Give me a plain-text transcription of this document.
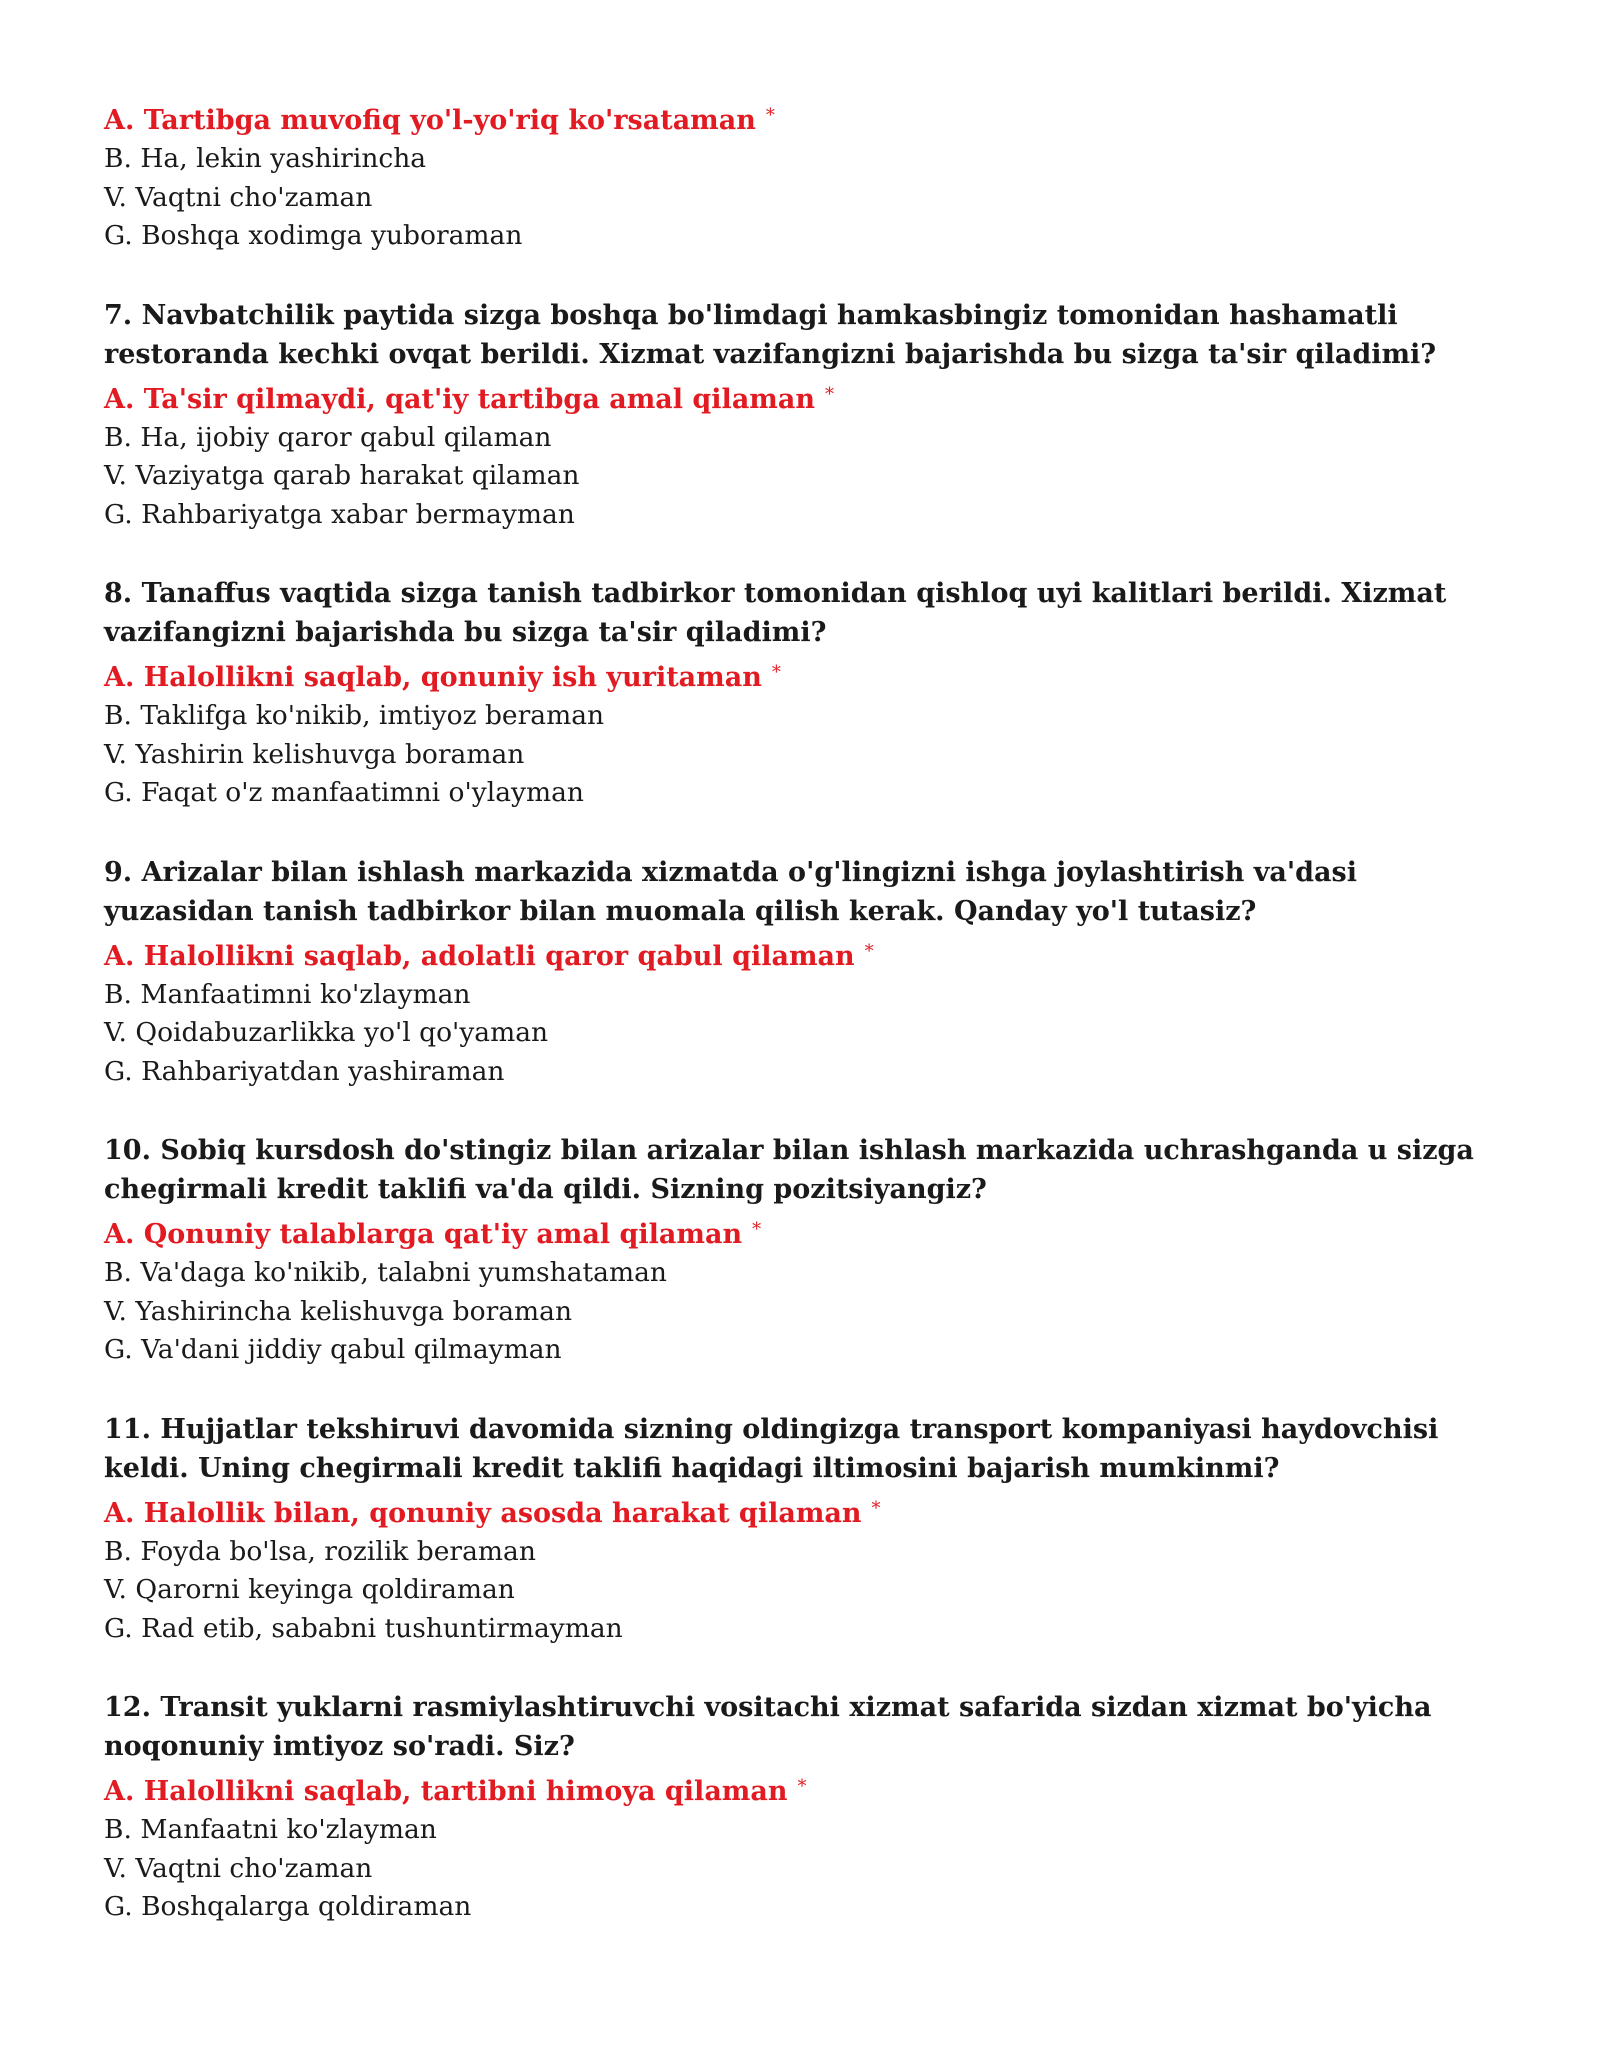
A. Tartibga muvofiq yo'l-yo'riq ko'rsataman *

B. Ha, lekin yashirincha

V. Vaqtni cho'zaman

G. Boshqa xodimga yuboraman

7. Navbatchilik paytida sizga boshqa bo'limdagi hamkasbingiz tomonidan hashamatli restoranda kechki ovqat berildi. Xizmat vazifangizni bajarishda bu sizga ta'sir qiladimi?

A. Ta'sir qilmaydi, qat'iy tartibga amal qilaman *

B. Ha, ijobiy qaror qabul qilaman

V. Vaziyatga qarab harakat qilaman

G. Rahbariyatga xabar bermayman

8. Tanaffus vaqtida sizga tanish tadbirkor tomonidan qishloq uyi kalitlari berildi. Xizmat vazifangizni bajarishda bu sizga ta'sir qiladimi?

A. Halollikni saqlab, qonuniy ish yuritaman *

B. Taklifga ko'nikib, imtiyoz beraman

V. Yashirin kelishuvga boraman

G. Faqat o'z manfaatimni o'ylayman

9. Arizalar bilan ishlash markazida xizmatda o'g'lingizni ishga joylashtirish va'dasi yuzasidan tanish tadbirkor bilan muomala qilish kerak. Qanday yo'l tutasiz?

A. Halollikni saqlab, adolatli qaror qabul qilaman *

B. Manfaatimni ko'zlayman

V. Qoidabuzarlikka yo'l qo'yaman

G. Rahbariyatdan yashiraman

10. Sobiq kursdosh do'stingiz bilan arizalar bilan ishlash markazida uchrashganda u sizga chegirmali kredit taklifi va'da qildi. Sizning pozitsiyangiz?

A. Qonuniy talablarga qat'iy amal qilaman *

B. Va'daga ko'nikib, talabni yumshataman

V. Yashirincha kelishuvga boraman

G. Va'dani jiddiy qabul qilmayman

11. Hujjatlar tekshiruvi davomida sizning oldingizga transport kompaniyasi haydovchisi keldi. Uning chegirmali kredit taklifi haqidagi iltimosini bajarish mumkinmi?

A. Halollik bilan, qonuniy asosda harakat qilaman *

B. Foyda bo'lsa, rozilik beraman

V. Qarorni keyinga qoldiraman

G. Rad etib, sababni tushuntirmayman

12. Transit yuklarni rasmiylashtiruvchi vositachi xizmat safarida sizdan xizmat bo'yicha noqonuniy imtiyoz so'radi. Siz?

A. Halollikni saqlab, tartibni himoya qilaman *

B. Manfaatni ko'zlayman

V. Vaqtni cho'zaman

G. Boshqalarga qoldiraman
